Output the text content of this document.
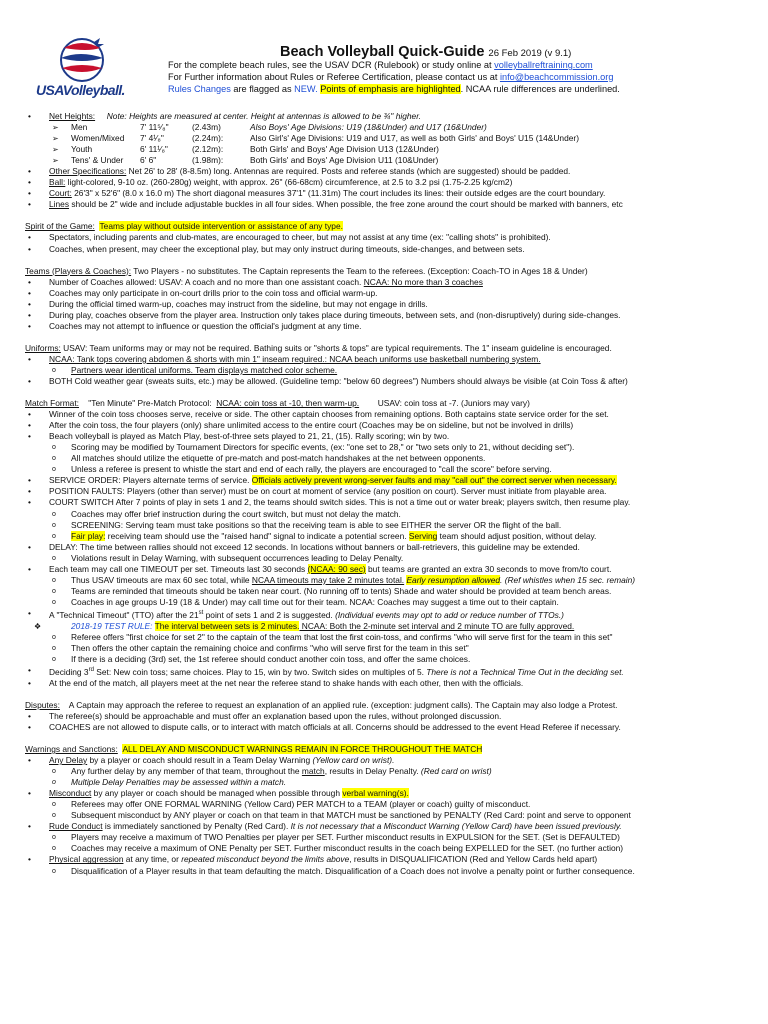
USAVolleyball.
Beach Volleyball Quick-Guide 26 Feb 2019 (v 9.1)
For the complete beach rules, see the USAV DCR (Rulebook) or study online at volleyballreftraining.com
For Further information about Rules or Referee Certification, please contact us at info@beachcommission.org
Rules Changes are flagged as NEW. Points of emphasis are highlighted. NCAA rule differences are underlined.
• Net Heights: Note: Heights are measured at center. Height at antennas is allowed to be ¾" higher.
➢ Men	7' 11⁵⁄₈"	(2.43m)	Also Boys' Age Divisions: U19 (18&Under) and U17 (16&Under)
➢ Women/Mixed 7' 4¹⁄₈"	(2.24m):	Also Girl's' Age Divisions: U19 and U17, as well as both Girls' and Boys' U15 (14&Under)
➢ Youth	6' 11¹⁄₈"	(2.12m):	Both Girls' and Boys' Age Division U13 (12&Under)
➢ Tens' & Under 6' 6"	(1.98m):	Both Girls' and Boys' Age Division U11 (10&Under)
• Other Specifications: Net 26' to 28' (8-8.5m) long. Antennas are required. Posts and referee stands (which are suggested) should be padded.
• Ball: light-colored, 9-10 oz. (260-280g) weight, with approx. 26" (66-68cm) circumference, at 2.5 to 3.2 psi (1.75-2.25 kg/cm2)
• Court: 26'3" x 52'6" (8.0 x 16.0 m) The short diagonal measures 37'1" (11.31m) The court includes its lines: their outside edges are the court boundary.
• Lines should be 2" wide and include adjustable buckles in all four sides. When possible, the free zone around the court should be marked with banners, etc
Spirit of the Game: Teams play without outside intervention or assistance of any type.
• Spectators, including parents and club-mates, are encouraged to cheer, but may not assist at any time (ex: "calling shots" is prohibited).
• Coaches, when present, may cheer the exceptional play, but may only instruct during timeouts, side-changes, and between sets.
Teams (Players & Coaches): Two Players - no substitutes. The Captain represents the Team to the referees. (Exception: Coach-TO in Ages 18 & Under)
• Number of Coaches allowed: USAV: A coach and no more than one assistant coach. NCAA: No more than 3 coaches
• Coaches may only participate in on-court drills prior to the coin toss and official warm-up.
• During the official timed warm-up, coaches may instruct from the sideline, but may not engage in drills.
• During play, coaches observe from the player area. Instruction only takes place during timeouts, between sets, and (non-disruptively) during side-changes.
• Coaches may not attempt to influence or question the official's judgment at any time.
Uniforms: USAV: Team uniforms may or may not be required. Bathing suits or "shorts & tops" are typical requirements. The 1" inseam guideline is encouraged.
• NCAA: Tank tops covering abdomen & shorts with min 1" inseam required.: NCAA beach uniforms use basketball numbering system.
o Partners wear identical uniforms. Team displays matched color scheme.
• BOTH Cold weather gear (sweats suits, etc.) may be allowed. (Guideline temp: "below 60 degrees") Numbers should always be visible (at Coin Toss & after)
Match Format:    "Ten Minute" Pre-Match Protocol:  NCAA: coin toss at -10, then warm-up.        USAV: coin toss at -7. (Juniors may vary)
• Winner of the coin toss chooses serve, receive or side. The other captain chooses from remaining options. Both captains state service order for the set.
• After the coin toss, the four players (only) share unlimited access to the entire court (Coaches may be on sideline, but not be involved in drills)
• Beach volleyball is played as Match Play, best-of-three sets played to 21, 21, (15). Rally scoring; win by two.
o Scoring may be modified by Tournament Directors for specific events, (ex: "one set to 28," or "two sets only to 21, without deciding set").
o All matches should utilize the etiquette of pre-match and post-match handshakes at the net between opponents.
o Unless a referee is present to whistle the start and end of each rally, the players are encouraged to "call the score" before serving.
• SERVICE ORDER: Players alternate terms of service. Officials actively prevent wrong-server faults and may "call out" the correct server when necessary.
• POSITION FAULTS: Players (other than server) must be on court at moment of service (any position on court). Server must initiate from playable area.
• COURT SWITCH After 7 points of play in sets 1 and 2, the teams should switch sides. This is not a time out or water break; players switch, then resume play.
o Coaches may offer brief instruction during the court switch, but must not delay the match.
o SCREENING: Serving team must take positions so that the receiving team is able to see EITHER the server OR the flight of the ball.
o Fair play: receiving team should use the "raised hand" signal to indicate a potential screen. Serving team should adjust position, without delay.
• DELAY: The time between rallies should not exceed 12 seconds. In locations without banners or ball-retrievers, this guideline may be extended.
o Violations result in Delay Warning, with subsequent occurrences leading to Delay Penalty.
• Each team may call one TIMEOUT per set. Timeouts last 30 seconds (NCAA: 90 sec) but teams are granted an extra 30 seconds to move from/to court.
o Thus USAV timeouts are max 60 sec total, while NCAA timeouts may take 2 minutes total. Early resumption allowed. (Ref whistles when 15 sec. remain)
o Teams are reminded that timeouts should be taken near court. (No running off to tents) Shade and water should be provided at team bench areas.
o Coaches in age groups U-19 (18 & Under) may call time out for their team. NCAA: Coaches may suggest a time out to their captain.
• A "Technical Timeout" (TTO) after the 21st point of sets 1 and 2 is suggested. (Individual events may opt to add or reduce number of TTOs.)
❖ 2018-19 TEST RULE: The interval between sets is 2 minutes. NCAA: Both the 2-minute set interval and 2 minute TO are fully approved.
o Referee offers "first choice for set 2" to the captain of the team that lost the first coin-toss, and confirms "who will serve first for the team in this set"
o Then offers the other captain the remaining choice and confirms "who will serve first for the team in this set"
o If there is a deciding (3rd) set, the 1st referee should conduct another coin toss, and offer the same choices.
• Deciding 3rd Set: New coin toss; same choices. Play to 15, win by two. Switch sides on multiples of 5. There is not a Technical Time Out in the deciding set.
• At the end of the match, all players meet at the net near the referee stand to shake hands with each other, then with the officials.
Disputes:    A Captain may approach the referee to request an explanation of an applied rule. (exception: judgment calls). The Captain may also lodge a Protest.
• The referee(s) should be approachable and must offer an explanation based upon the rules, without prolonged discussion.
• COACHES are not allowed to dispute calls, or to interact with match officials at all. Concerns should be addressed to the event Head Referee if necessary.
Warnings and Sanctions: ALL DELAY AND MISCONDUCT WARNINGS REMAIN IN FORCE THROUGHOUT THE MATCH
• Any Delay by a player or coach should result in a Team Delay Warning (Yellow card on wrist).
o Any further delay by any member of that team, throughout the match, results in Delay Penalty. (Red card on wrist)
o Multiple Delay Penalties may be assessed within a match.
• Misconduct by any player or coach should be managed when possible through verbal warning(s).
o Referees may offer ONE FORMAL WARNING (Yellow Card) PER MATCH to a TEAM (player or coach) guilty of misconduct.
o Subsequent misconduct by ANY player or coach on that team in that MATCH must be sanctioned by PENALTY (Red Card: point and serve to opponent
• Rude Conduct is immediately sanctioned by Penalty (Red Card). It is not necessary that a Misconduct Warning (Yellow Card) have been issued previously.
o Players may receive a maximum of TWO Penalties per player per SET. Further misconduct results in EXPULSION for the SET. (Set is DEFAULTED)
o Coaches may receive a maximum of ONE Penalty per SET. Further misconduct results in the coach being EXPELLED for the SET. (no further action)
• Physical aggression at any time, or repeated misconduct beyond the limits above, results in DISQUALIFICATION (Red and Yellow Cards held apart)
o Disqualification of a Player results in that team defaulting the match. Disqualification of a Coach does not involve a penalty point or further consequence.
